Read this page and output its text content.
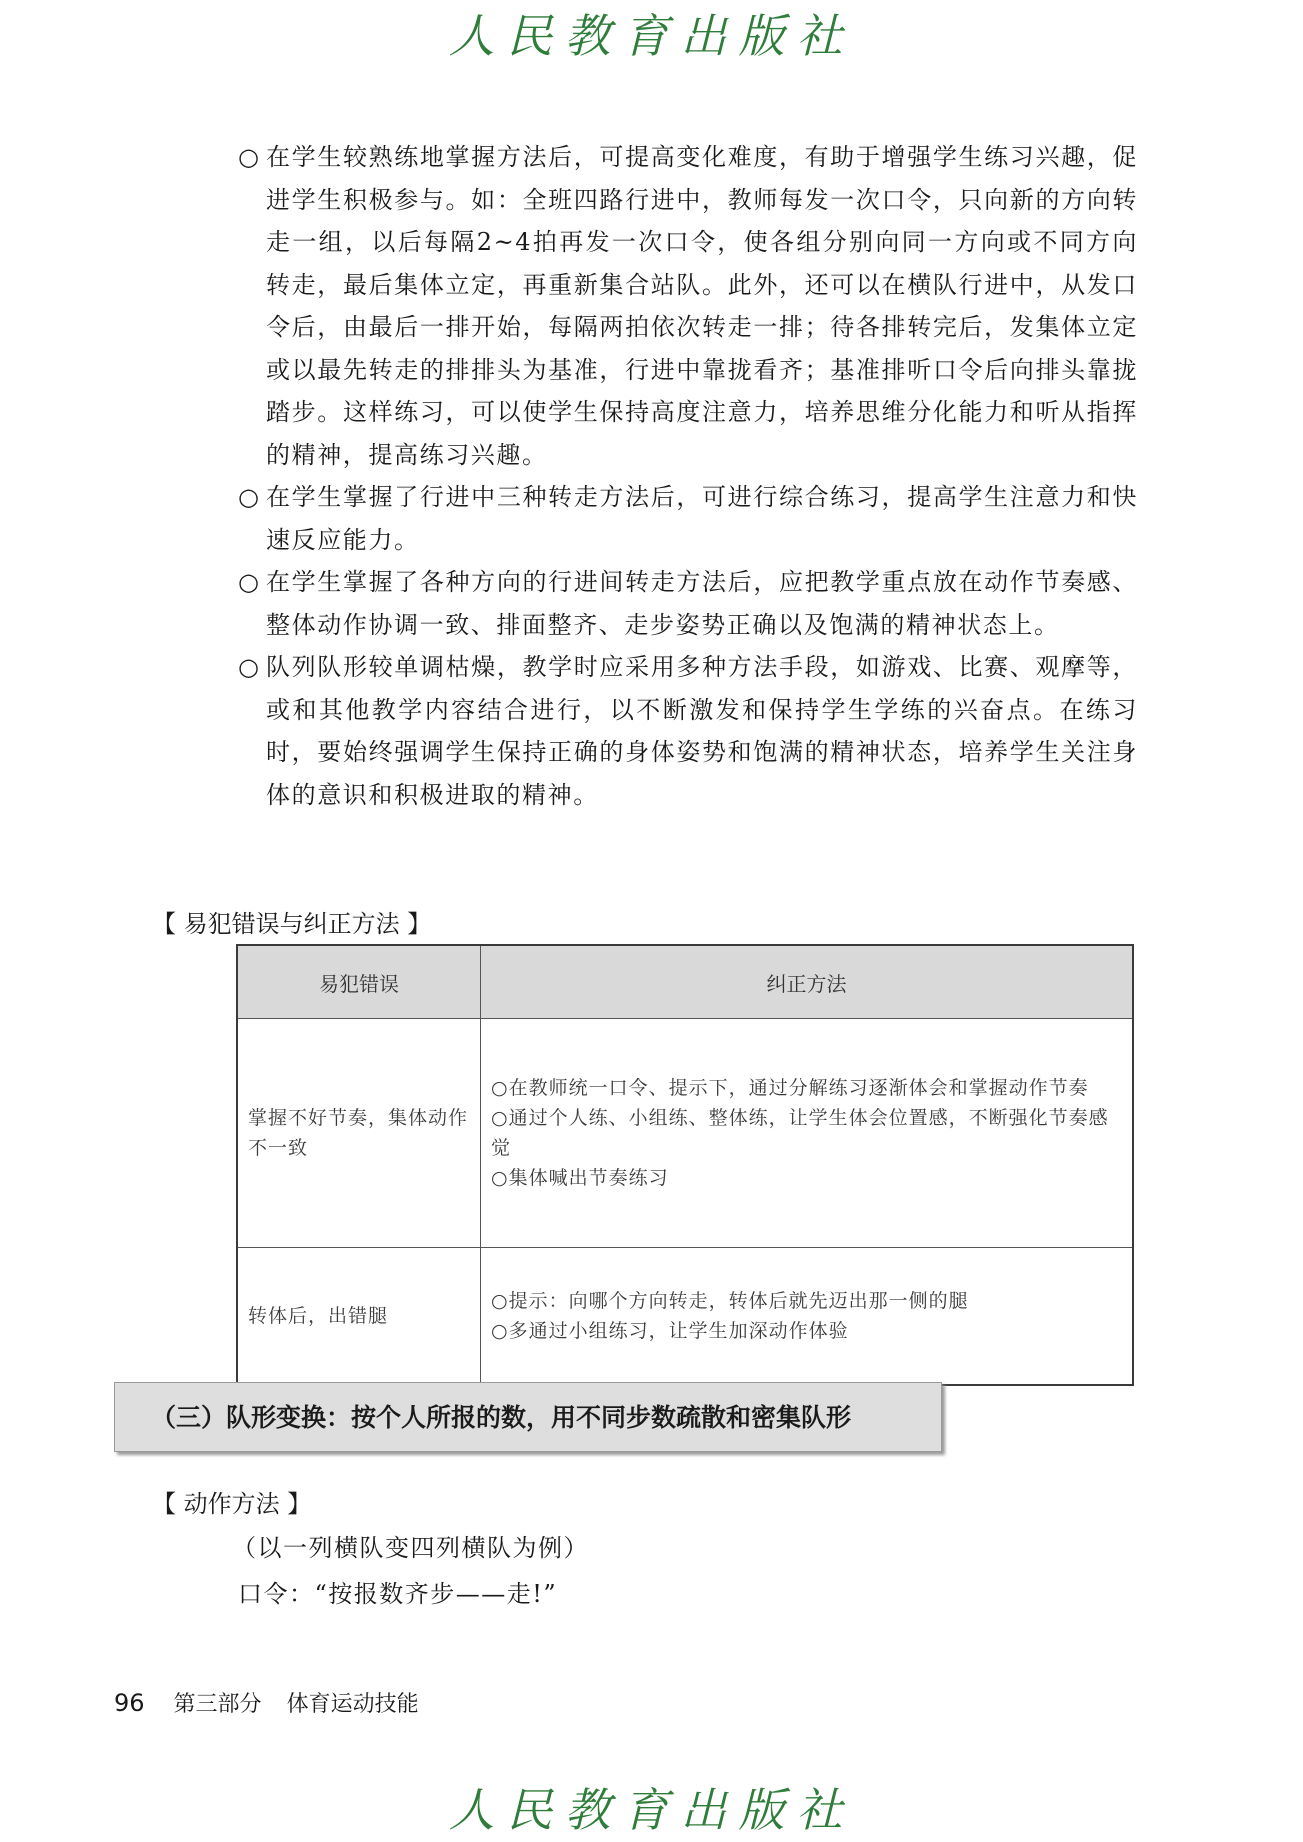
人民教育出版社
○ 在学生较熟练地掌握方法后，可提高变化难度，有助于增强学生练习兴趣，促进学生积极参与。如：全班四路行进中，教师每发一次口令，只向新的方向转走一组，以后每隔2~4拍再发一次口令，使各组分别向同一方向或不同方向转走，最后集体立定，再重新集合站队。此外，还可以在横队行进中，从发口令后，由最后一排开始，每隔两拍依次转走一排；待各排转完后，发集体立定或以最先转走的排排头为基准，行进中靠拢看齐；基准排听口令后向排头靠拢踏步。这样练习，可以使学生保持高度注意力，培养思维分化能力和听从指挥的精神，提高练习兴趣。
○ 在学生掌握了行进中三种转走方法后，可进行综合练习，提高学生注意力和快速反应能力。
○ 在学生掌握了各种方向的行进间转走方法后，应把教学重点放在动作节奏感、整体动作协调一致、排面整齐、走步姿势正确以及饱满的精神状态上。
○ 队列队形较单调枯燥，教学时应采用多种方法手段，如游戏、比赛、观摩等，或和其他教学内容结合进行，以不断激发和保持学生学练的兴奋点。在练习时，要始终强调学生保持正确的身体姿势和饱满的精神状态，培养学生关注身体的意识和积极进取的精神。
【 易犯错误与纠正方法 】
易犯错误	纠正方法
掌握不好节奏，集体动作不一致	○在教师统一口令、提示下，通过分解练习逐渐体会和掌握动作节奏
○通过个人练、小组练、整体练，让学生体会位置感，不断强化节奏感觉
○集体喊出节奏练习

转体后，出错腿	○提示：向哪个方向转走，转体后就先迈出那一侧的腿
○多通过小组练习，让学生加深动作体验
（三）队形变换：按个人所报的数，用不同步数疏散和密集队形
【 动作方法 】
（以一列横队变四列横队为例）
口令：“按报数齐步——走!”
96 第三部分 体育运动技能
人民教育出版社
